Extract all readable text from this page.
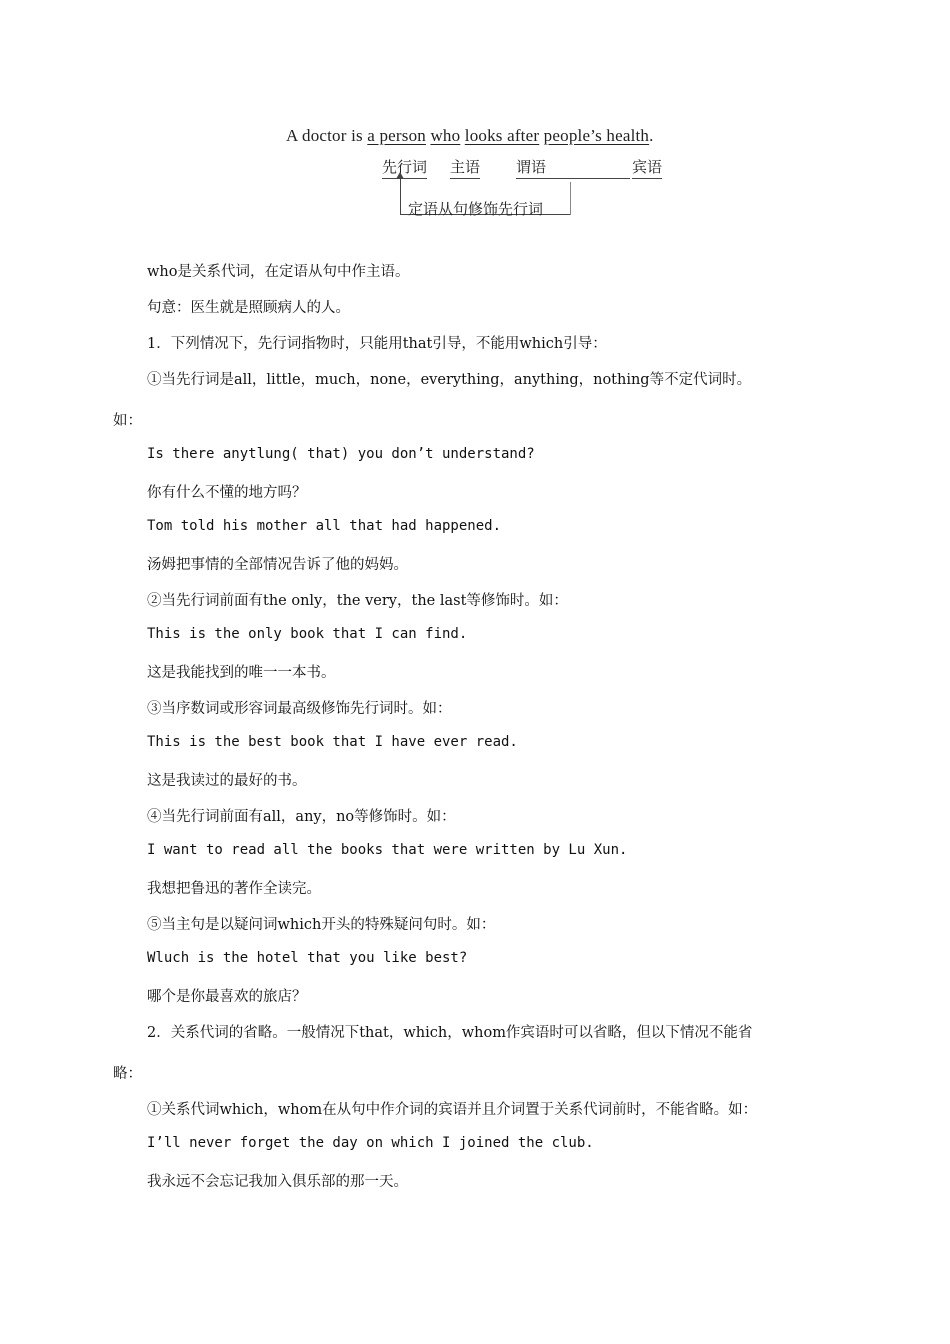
A doctor is a person who looks after people’s health.
先行词 主语 谓语	宾语
定语从句修饰先行词
who是关系代词，在定语从句中作主语。
句意：医生就是照顾病人的人。
1．下列情况下，先行词指物时，只能用that引导，不能用which引导：
①当先行词是all，little，much，none，everything，anything，nothing等不定代词时。
如：
Is there anytlung( that) you don’t understand?
你有什么不懂的地方吗？
Tom told his mother all that had happened.
汤姆把事情的全部情况告诉了他的妈妈。
②当先行词前面有the only，the very，the last等修饰时。如：
This is the only book that I can find.
这是我能找到的唯一一本书。
③当序数词或形容词最高级修饰先行词时。如：
This is the best book that I have ever read.
这是我读过的最好的书。
④当先行词前面有all，any，no等修饰时。如：
I want to read all the books that were written by Lu Xun.
我想把鲁迅的著作全读完。
⑤当主句是以疑问词which开头的特殊疑问句时。如：
Wluch is the hotel that you like best?
哪个是你最喜欢的旅店？
2．关系代词的省略。一般情况下that，which，whom作宾语时可以省略，但以下情况不能省
略：
①关系代词which，whom在从句中作介词的宾语并且介词置于关系代词前时，不能省略。如：
I’ll never forget the day on which I joined the club.
我永远不会忘记我加入俱乐部的那一天。
